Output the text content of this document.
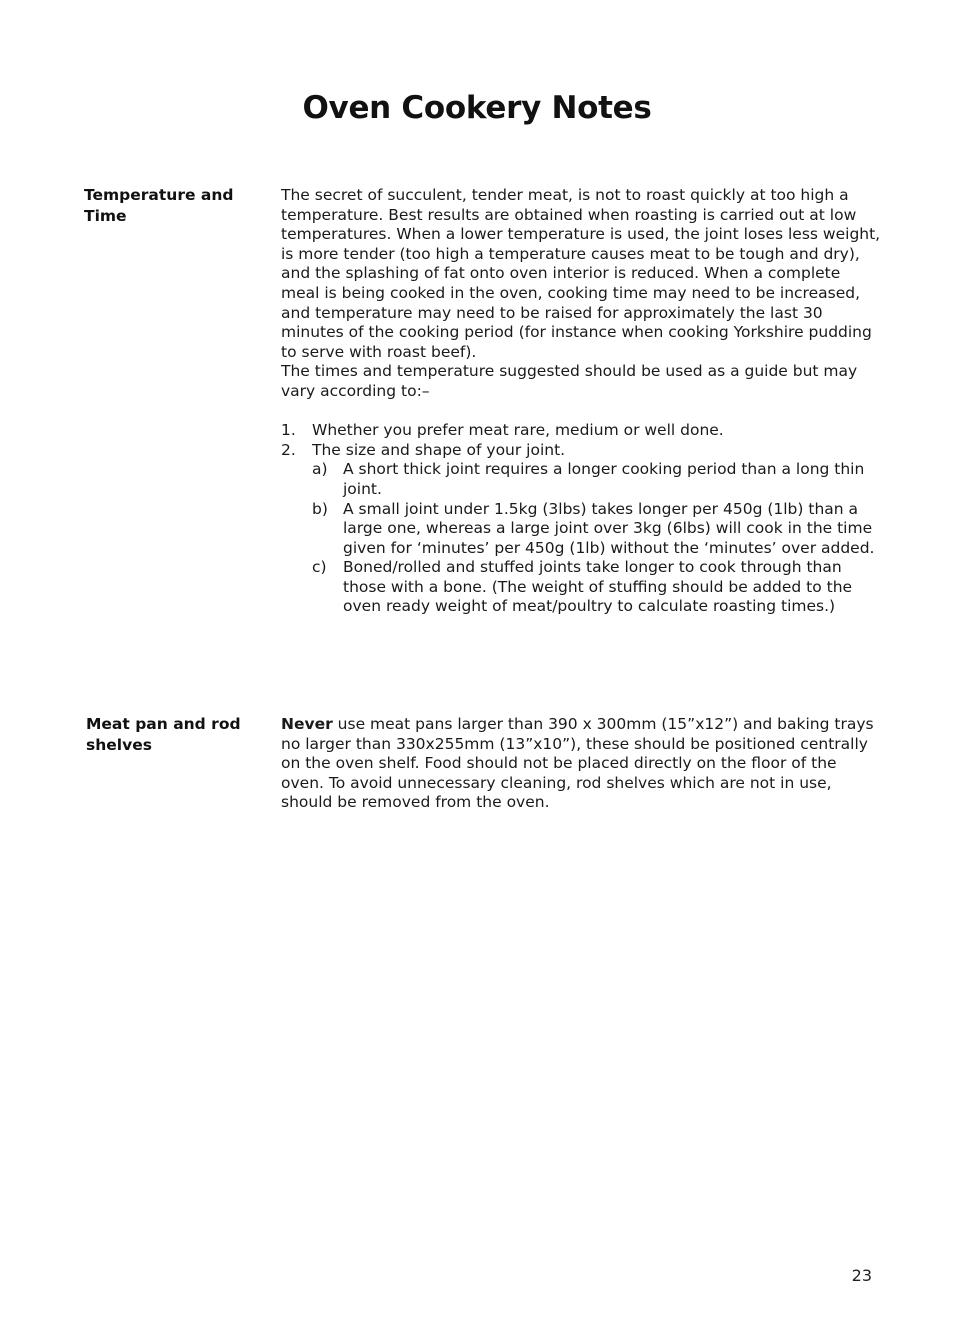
Oven Cookery Notes
Temperature and Time

The secret of succulent, tender meat, is not to roast quickly at too high a temperature. Best results are obtained when roasting is carried out at low temperatures. When a lower temperature is used, the joint loses less weight, is more tender (too high a temperature causes meat to be tough and dry), and the splashing of fat onto oven interior is reduced. When a complete meal is being cooked in the oven, cooking time may need to be increased, and temperature may need to be raised for approximately the last 30 minutes of the cooking period (for instance when cooking Yorkshire pudding to serve with roast beef).

The times and temperature suggested should be used as a guide but may vary according to:–

1. Whether you prefer meat rare, medium or well done.
2. The size and shape of your joint.
a) A short thick joint requires a longer cooking period than a long thin joint.
b) A small joint under 1.5kg (3lbs) takes longer per 450g (1lb) than a large one, whereas a large joint over 3kg (6lbs) will cook in the time given for ‘minutes’ per 450g (1lb) without the ‘minutes’ over added.
c) Boned/rolled and stuffed joints take longer to cook through than those with a bone. (The weight of stuffing should be added to the oven ready weight of meat/poultry to calculate roasting times.)
Meat pan and rod shelves

Never use meat pans larger than 390 x 300mm (15”x12”) and baking trays no larger than 330x255mm (13”x10”), these should be positioned centrally on the oven shelf. Food should not be placed directly on the floor of the oven. To avoid unnecessary cleaning, rod shelves which are not in use, should be removed from the oven.

23
